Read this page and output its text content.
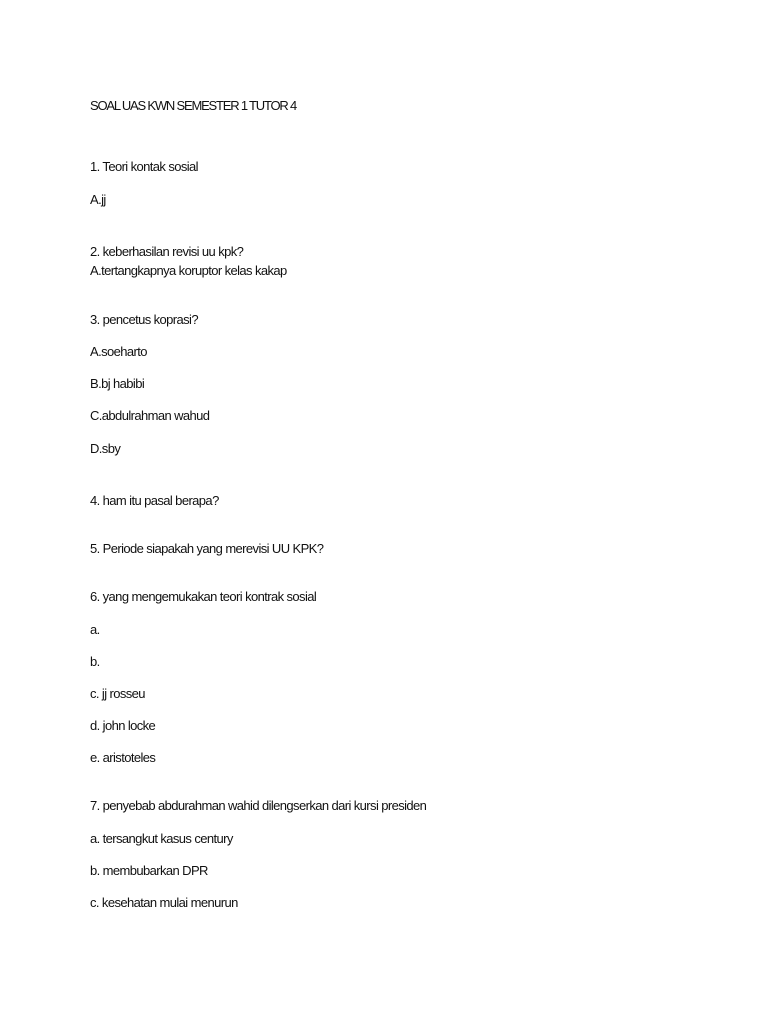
SOAL UAS KWN SEMESTER 1 TUTOR 4
1. Teori kontak sosial
A.jj
2. keberhasilan revisi uu kpk?
A.tertangkapnya koruptor kelas kakap
3. pencetus koprasi?
A.soeharto
B.bj habibi
C.abdulrahman wahud
D.sby
4. ham itu pasal berapa?
5. Periode siapakah yang merevisi UU KPK?
6. yang mengemukakan teori kontrak sosial
a.
b.
c. jj rosseu
d. john locke
e. aristoteles
7. penyebab abdurahman wahid dilengserkan dari kursi presiden
a. tersangkut kasus century
b. membubarkan DPR
c. kesehatan mulai menurun
